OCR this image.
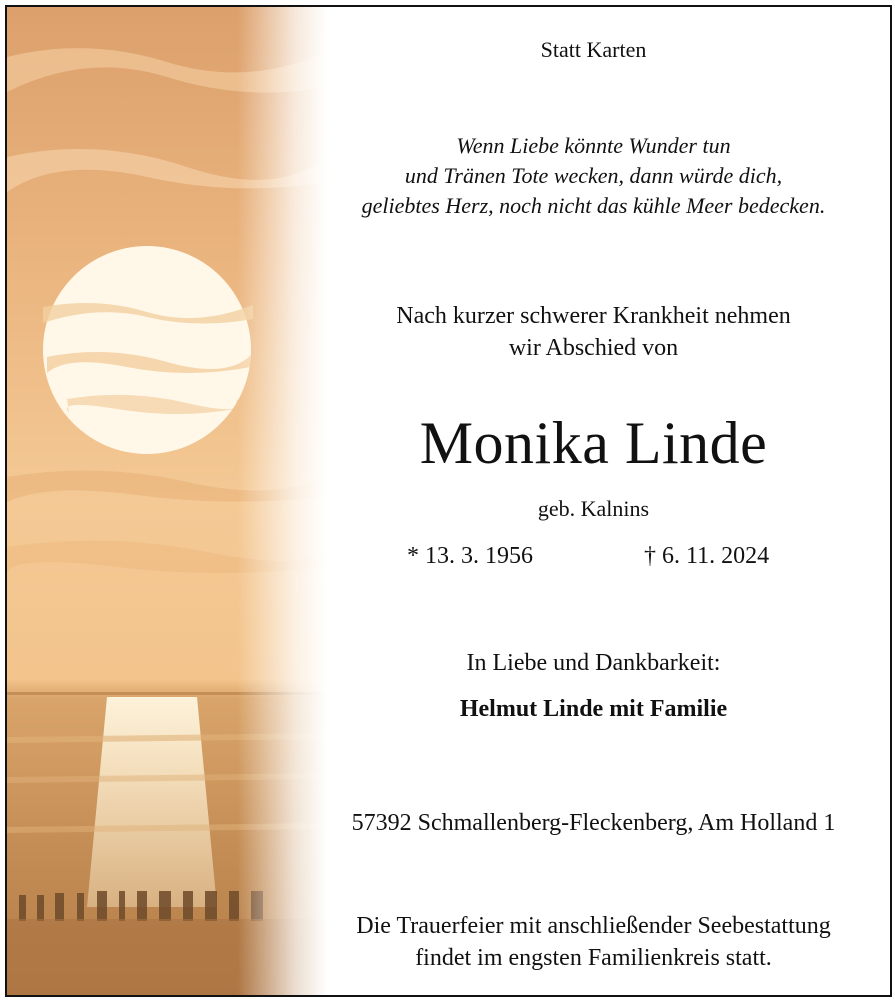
Statt Karten
Wenn Liebe könnte Wunder tun
und Tränen Tote wecken, dann würde dich,
geliebtes Herz, noch nicht das kühle Meer bedecken.
Nach kurzer schwerer Krankheit nehmen
wir Abschied von
Monika Linde
geb. Kalnins
* 13. 3. 1956	† 6. 11. 2024
In Liebe und Dankbarkeit:
Helmut Linde mit Familie
57392 Schmallenberg-Fleckenberg, Am Holland 1
Die Trauerfeier mit anschließender Seebestattung
findet im engsten Familienkreis statt.
